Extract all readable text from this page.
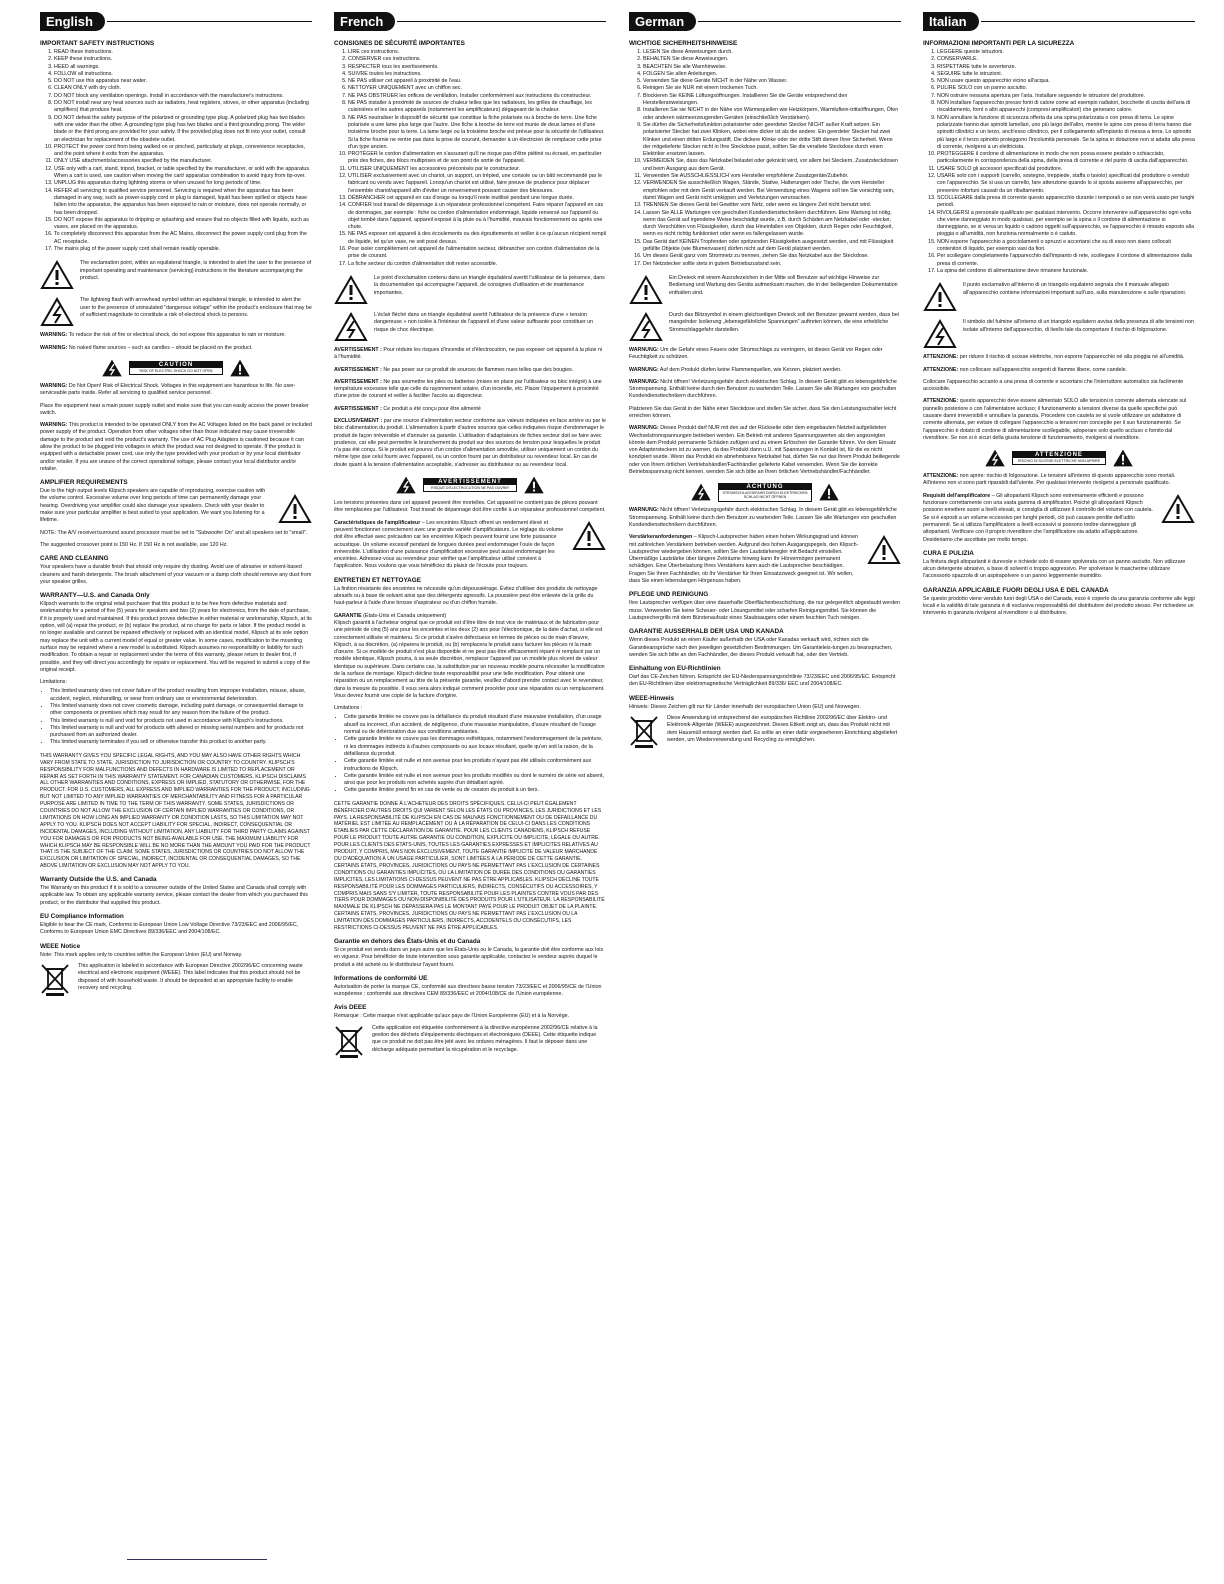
English
IMPORTANT SAFETY INSTRUCTIONS
1. READ these instructions.
2. KEEP these instructions.
3. HEED all warnings.
4. FOLLOW all instructions.
5. DO NOT use this apparatus near water.
6. CLEAN ONLY with dry cloth.
7. DO NOT block any ventilation openings. Install in accordance with the manufacturer's instructions.
8. DO NOT install near any heat sources such as radiators, heat registers, stoves, or other apparatus (including amplifiers) that produce heat.
9. DO NOT defeat the safety purpose of the polarized or grounding type plug. A polarized plug has two blades with one wider than the other. A grounding type plug has two blades and a third grounding prong. The wider blade or the third prong are provided for your safety. If the provided plug does not fit into your outlet, consult an electrician for replacement of the obsolete outlet.
10. PROTECT the power cord from being walked on or pinched, particularly at plugs, convenience receptacles, and the point where it exits from the apparatus.
11. ONLY USE attachments/accessories specified by the manufacturer.
12. USE only with a cart, stand, tripod, bracket, or table specified by the manufacturer, or sold with the apparatus. When a cart is used, use caution when moving the cart/ apparatus combination to avoid injury from tip-over.
13. UNPLUG this apparatus during lightning storms or when unused for long periods of time.
14. REFER all servicing to qualified service personnel. Servicing is required when the apparatus has been damaged in any way, such as power-supply cord or plug is damaged, liquid has been spilled or objects have fallen into the apparatus, the apparatus has been exposed to rain or moisture, does not operate normally, or has been dropped.
15. DO NOT expose this apparatus to dripping or splashing and ensure that no objects filled with liquids, such as vases, are placed on the apparatus.
16. To completely disconnect this apparatus from the AC Mains, disconnect the power supply cord plug from the AC receptacle.
17. The mains plug of the power supply cord shall remain readily operable.
The exclamation point, within an equilateral triangle, is intended to alert the user to the presence of important operating and maintenance (servicing) instructions in the literature accompanying the product.
The lightning flash with arrowhead symbol within an equilateral triangle, is intended to alert the user to the presence of uninsulated "dangerous voltage" within the product's enclosure that may be of sufficient magnitude to constitute a risk of electrical shock to persons.

WARNING: To reduce the risk of fire or electrical shock, do not expose this apparatus to rain or moisture.

WARNING: No naked flame sources – such as candles – should be placed on the product.

CAUTION
RISK OF ELECTRIC SHOCK DO NOT OPEN

WARNING: Do Not Open! Risk of Electrical Shock. Voltages in this equipment are hazardous to life. No user-serviceable parts inside. Refer all servicing to qualified service personnel.

Place the equipment near a main power supply outlet and make sure that you can easily access the power breaker switch.

WARNING: This product is intended to be operated ONLY from the AC Voltages listed on the back panel or included power supply of the product. Operation from other voltages other than those indicated may cause irreversible damage to the product and void the product's warranty. The use of AC Plug Adapters is cautioned because it can allow the product to be plugged into voltages in which the product was not designed to operate. If the product is equipped with a detachable power cord, use only the type provided with your product or by your local distributor and/or retailer. If you are unsure of the correct operational voltage, please contact your local distributor and/or retailer.

AMPLIFIER REQUIREMENTS

Due to the high output levels Klipsch speakers are capable of reproducing, exercise caution with the volume control. Excessive volume over long periods of time can permanently damage your hearing. Overdriving your amplifier could also damage your speakers. Check with your dealer to make sure your particular amplifier is best suited to your application. We want you listening for a lifetime.

NOTE: The A/V receiver/surround sound processor must be set to "Subwoofer On" and all speakers set to "small".

The suggested crossover point is 150 Hz. If 150 Hz is not available, use 120 Hz.

CARE AND CLEANING

Your speakers have a durable finish that should only require dry dusting. Avoid use of abrasive or solvent-based cleaners and harsh detergents. The brush attachment of your vacuum or a damp cloth should remove any dust from your speaker grilles.

WARRANTY—U.S. and Canada Only

Klipsch warrants to the original retail purchaser that this product is to be free from defective materials and workmanship for a period of five (5) years for speakers and two (2) years for electronics, from the date of purchase, if it is properly used and maintained. If this product proves defective in either material or workmanship, Klipsch, at its option, will (a) repair the product, or (b) replace the product, at no charge for parts or labor. If the product model is no longer available and cannot be repaired effectively or replaced with an identical model, Klipsch at its sole option may replace the unit with a current model of equal or greater value. In some cases, modification to the mounting surface may be required where a new model is substituted. Klipsch assumes no responsibility or liability for such modification. To obtain a repair or replacement under the terms of this warranty, please return to dealer first, if possible, and they will direct you accordingly for repairs or replacement. You will be required to submit a copy of the original receipt.

Limitations:

• This limited warranty does not cover failure of the product resulting from improper installation, misuse, abuse, accident, neglect, mishandling, or wear from ordinary use or environmental deterioration.
• This limited warranty does not cover cosmetic damage, including paint damage, or consequential damage to other components or premises which may result for any reason from the failure of the product.
• This limited warranty is null and void for products not used in accordance with Klipsch's instructions.
• This limited warranty is null and void for products with altered or missing serial numbers and for products not purchased from an authorized dealer.
• This limited warranty terminates if you sell or otherwise transfer this product to another party.

THIS WARRANTY GIVES YOU SPECIFIC LEGAL RIGHTS, AND YOU MAY ALSO HAVE OTHER RIGHTS WHICH VARY FROM STATE TO STATE, JURISDICTION TO JURISDICTION OR COUNTRY TO COUNTRY. KLIPSCH'S RESPONSIBILITY FOR MALFUNCTIONS AND DEFECTS IN HARDWARE IS LIMITED TO REPLACEMENT OR REPAIR AS SET FORTH IN THIS WARRANTY STATEMENT. FOR CANADIAN CUSTOMERS, KLIPSCH DISCLAIMS ALL OTHER WARRANTIES AND CONDITIONS, EXPRESS OR IMPLIED, STATUTORY OR OTHERWISE, FOR THE PRODUCT. FOR U.S. CUSTOMERS, ALL EXPRESS AND IMPLIED WARRANTIES FOR THE PRODUCT, INCLUDING BUT NOT LIMITED TO ANY IMPLIED WARRANTIES OF MERCHANTABILITY AND FITNESS FOR A PARTICULAR PURPOSE ARE LIMITED IN TIME TO THE TERM OF THIS WARRANTY. SOME STATES, JURISDICTIONS OR COUNTRIES DO NOT ALLOW THE EXCLUSION OF CERTAIN IMPLIED WARRANTIES OR CONDITIONS, OR LIMITATIONS ON HOW LONG AN IMPLIED WARRANTY OR CONDITION LASTS, SO THIS LIMITATION MAY NOT APPLY TO YOU. KLIPSCH DOES NOT ACCEPT LIABILITY FOR SPECIAL, INDIRECT, CONSEQUENTIAL OR INCIDENTAL DAMAGES, INCLUDING WITHOUT LIMITATION, ANY LIABILITY FOR THIRD PARTY CLAIMS AGAINST YOU FOR DAMAGES OR FOR PRODUCTS NOT BEING AVAILABLE FOR USE. THE MAXIMUM LIABILITY FOR WHICH KLIPSCH MAY BE RESPONSIBLE WILL BE NO MORE THAN THE AMOUNT YOU PAID FOR THE PRODUCT THAT IS THE SUBJECT OF THE CLAIM. SOME STATES, JURISDICTIONS OR COUNTRIES DO NOT ALLOW THE EXCLUSION OR LIMITATION OF SPECIAL, INDIRECT, INCIDENTAL OR CONSEQUENTIAL DAMAGES, SO THE ABOVE LIMITATION OR EXCLUSION MAY NOT APPLY TO YOU.

Warranty Outside the U.S. and Canada

The Warranty on this product if it is sold to a consumer outside of the United States and Canada shall comply with applicable law. To obtain any applicable warranty service, please contact the dealer from which you purchased this product, or the distributor that supplied this product.

EU Compliance Information

Eligible to bear the CE mark, Conforms to European Union Low Voltage Directive 73/23/EEC and 2006/95/EC, Conforms to European Union EMC Directives 89/336/EEC and 2004/108/EC.

WEEE Notice

Note: This mark applies only to countries within the European Union (EU) and Norway.

This application is labeled in accordance with European Directive 2002/96/EC concerning waste electrical and electronic equipment (WEEE). This label indicates that this product should not be disposed of with household waste. It should be deposited at an appropriate facility to enable recovery and recycling.
French
CONSIGNES DE SÉCURITÉ IMPORTANTES
1. LIRE ces instructions.
2. CONSERVER ces instructions.
3. RESPECTER tous les avertissements.
4. SUIVRE toutes les instructions.
5. NE PAS utiliser cet appareil à proximité de l'eau.
6. NETTOYER UNIQUEMENT avec un chiffon sec.
7. NE PAS OBSTRUER les orifices de ventilation. Installer conformément aux instructions du constructeur.
8. NE PAS installer à proximité de sources de chaleur telles que les radiateurs, les grilles de chauffage, les cuisinières et les autres appareils (notamment les amplificateurs) dégageant de la chaleur.
9. NE PAS neutraliser le dispositif de sécurité que constitue la fiche polarisée ou à broche de terre. Une fiche polarisée a une lame plus large que l'autre. Une fiche à broche de terre est munie de deux lames et d'une troisième broche pour la terre. La lame large ou la troisième broche est prévue pour la sécurité de l'utilisateur. Si la fiche fournie ne rentre pas dans la prise de courant, demander à un électricien de remplacer cette prise d'un type ancien.
10. PROTÉGER le cordon d'alimentation en s'assurant qu'il ne risque pas d'être piétiné ou écrasé, en particulier près des fiches, des blocs multiprises et de son point de sortie de l'appareil.
11. UTILISER UNIQUEMENT les accessoires préconisés par le constructeur.
12. UTILISER exclusivement avec un chariot, un support, un trépied, une console ou un bâti recommandé par le fabricant ou vendu avec l'appareil. Lorsqu'un chariot est utilisé, faire preuve de prudence pour déplacer l'ensemble chariot/appareil afin d'éviter un renversement pouvant causer des blessures.
13. DÉBRANCHER cet appareil en cas d'orage ou lorsqu'il reste inutilisé pendant une longue durée.
14. CONFIER tout travail de dépannage à un réparateur professionnel compétent. Faire réparer l'appareil en cas de dommages, par exemple : fiche ou cordon d'alimentation endommagé, liquide renversé sur l'appareil ou objet tombé dans l'appareil, appareil exposé à la pluie ou à l'humidité, mauvais fonctionnement ou après une chute.
15. NE PAS exposer cet appareil à des écoulements ou des égouttements et veiller à ce qu'aucun récipient rempli de liquide, tel qu'un vase, ne soit posé dessus.
16. Pour isoler complètement cet appareil de l'alimentation secteur, débrancher son cordon d'alimentation de la prise de courant.
17. La fiche secteur du cordon d'alimentation doit rester accessible.
Le point d'exclamation contenu dans un triangle équilatéral avertit l'utilisateur de la présence, dans la documentation qui accompagne l'appareil, de consignes d'utilisation et de maintenance importantes.
L'éclair fléché dans un triangle équilatéral avertit l'utilisateur de la présence d'une « tension dangereuse » non isolée à l'intérieur de l'appareil et d'une valeur suffisante pour constituer un risque de choc électrique.

AVERTISSEMENT : Pour réduire les risques d'incendie et d'électrocution, ne pas exposer cet appareil à la pluie ni à l'humidité.

AVERTISSEMENT : Ne pas poser sur ce produit de sources de flammes nues telles que des bougies.

AVERTISSEMENT : Ne pas soumettre les piles ou batteries (mises en place par l'utilisateur ou bloc intégré) à une température excessive telle que celle du rayonnement solaire, d'un incendie, etc. Placer l'équipement à proximité d'une prise de courant et veiller à faciliter l'accès au disjoncteur.

AVERTISSEMENT : Ce produit a été conçu pour être alimenté

EXCLUSIVEMENT : par une source d'alimentation secteur conforme aux valeurs indiquées en face arrière ou par le bloc d'alimentation du produit. L'alimentation à partir d'autres sources que celles indiquées risque d'endommager le produit de façon irréversible et d'annuler sa garantie. L'utilisation d'adaptateurs de fiches secteur doit se faire avec prudence, car elle peut permettre le branchement du produit sur des sources de tension pour lesquelles le produit n'a pas été conçu. Si le produit est pourvu d'un cordon d'alimentation amovible, utiliser uniquement un cordon du même type que celui fourni avec l'appareil, ou un cordon fourni par un distributeur ou revendeur local. En cas de doute quant à la tension d'alimentation acceptable, s'adresser au distributeur ou au revendeur local.

AVERTISSEMENT
RISQUE D'ÉLECTROCUTION NE PAS OUVRIR

Les tensions présentes dans cet appareil peuvent être mortelles. Cet appareil ne contient pas de pièces pouvant être remplacées par l'utilisateur. Tout travail de dépannage doit être confié à un réparateur professionnel compétent.

Caractéristiques de l'amplificateur – Les enceintes Klipsch offrent un rendement élevé et peuvent fonctionner correctement avec une grande variété d'amplificateurs. Le réglage du volume doit être effectué avec précaution car les enceintes Klipsch peuvent fournir une forte puissance acoustique. Un volume excessif pendant de longues durées peut endommager l'ouïe de façon irréversible. L'utilisation d'une puissance d'amplification excessive peut aussi endommager les enceintes. Adressez-vous au revendeur pour vérifier que l'amplificateur utilisé convient à l'application. Nous voulons que vous bénéficiez du plaisir de l'écoute pour toujours.

ENTRETIEN ET NETTOYAGE

La finition résistante des enceintes ne nécessite qu'un dépoussiérage. Évitez d'utiliser des produits de nettoyage abrasifs ou à base de solvant ainsi que des détergents agressifs. La poussière peut être enlevée de la grille du haut-parleur à l'aide d'une brosse d'aspirateur ou d'un chiffon humide.

GARANTIE (États-Unis et Canada uniquement)
Klipsch garantit à l'acheteur original que ce produit est d'être libre de tout vice de matériaux et de fabrication pour une période de cinq (5) ans pour les enceintes et les deux (2) ans pour l'électronique, de la date d'achat, si elle est correctement utilisée et maintenu. Si ce produit s'avère défectueux en termes de pièces ou de main d'œuvre, Klipsch, à sa discrétion, (a) réparera le produit, ou (b) remplacera le produit sans facturer les pièces ni la main d'œuvre. Si ce modèle de produit n'est plus disponible et ne peut pas être efficacement réparé ni remplacé par un modèle identique, Klipsch pourra, à sa seule discrétion, remplacer l'appareil par un modèle plus récent de valeur identique ou supérieure. Dans certains cas, la substitution par un nouveau modèle pourra nécessiter la modification de la surface de montage. Klipsch décline toute responsabilité pour une telle modification. Pour obtenir une réparation ou un remplacement au titre de la présente garantie, veuillez d'abord prendre contact avec le revendeur, dans la mesure du possible. Il vous sera alors indiqué comment procéder pour une réparation ou un remplacement. Vous devrez fournir une copie de la facture d'origine.

Limitations :

• Cette garantie limitée ne couvre pas la défaillance du produit résultant d'une mauvaise installation, d'un usage abusif ou incorrect, d'un accident, de négligence, d'une mauvaise manipulation, d'usure résultant de l'usage normal ou de détérioration due aux conditions ambiantes.
• Cette garantie limitée ne couvre pas les dommages esthétiques, notamment l'endommagement de la peinture, ni les dommages indirects à d'autres composants ou aux locaux résultant, quelle qu'en soit la raison, de la défaillance du produit.
• Cette garantie limitée est nulle et non avenue pour les produits n'ayant pas été utilisés conformément aux instructions de Klipsch.
• Cette garantie limitée est nulle et non avenue pour les produits modifiés ou dont le numéro de série est absent, ainsi que pour les produits non achetés auprès d'un détaillant agréé.
• Cette garantie limitée prend fin en cas de vente ou de cession du produit à un tiers.

CETTE GARANTIE DONNE À L'ACHETEUR DES DROITS SPÉCIFIQUES. CELUI-CI PEUT ÉGALEMENT BÉNÉFICIER D'AUTRES DROITS QUI VARIENT SELON LES ÉTATS OU PROVINCES, LES JURIDICTIONS ET LES PAYS. LA RESPONSABILITÉ DE KLIPSCH EN CAS DE MAUVAIS FONCTIONNEMENT OU DE DÉFAILLANCE DU MATÉRIEL EST LIMITÉE AU REMPLACEMENT OU À LA RÉPARATION DE CELUI-CI DANS LES CONDITIONS ÉTABLIES PAR CETTE DÉCLARATION DE GARANTIE. POUR LES CLIENTS CANADIENS, KLIPSCH REFUSE POUR LE PRODUIT TOUTE AUTRE GARANTIE OU CONDITION, EXPLICITE OU IMPLICITE, LÉGALE OU AUTRE. POUR LES CLIENTS DES ÉTATS-UNIS, TOUTES LES GARANTIES EXPRESSES ET IMPLICITES RELATIVES AU PRODUIT, Y COMPRIS, MAIS NON EXCLUSIVEMENT, TOUTE GARANTIE IMPLICITE DE VALEUR MARCHANDE OU D'ADÉQUATION À UN USAGE PARTICULIER, SONT LIMITÉES À LA PÉRIODE DE CETTE GARANTIE. CERTAINS ÉTATS, PROVINCES, JURIDICTIONS OU PAYS NE PERMETTANT PAS L'EXCLUSION DE CERTAINES CONDITIONS OU GARANTIES IMPLICITES, OU LA LIMITATION DE DURÉE DES CONDITIONS OU GARANTIES IMPLICITES, LES LIMITATIONS CI-DESSUS PEUVENT NE PAS ÊTRE APPLICABLES. KLIPSCH DÉCLINE TOUTE RESPONSABILITÉ POUR LES DOMMAGES PARTICULIERS, INDIRECTS, CONSÉCUTIFS OU ACCESSOIRES, Y COMPRIS MAIS SANS S'Y LIMITER, TOUTE RESPONSABILITÉ POUR LES PLAINTES CONTRE VOUS PAR DES TIERS POUR DOMMAGES OU NON-DISPONIBILITÉ DES PRODUITS POUR L'UTILISATEUR. LA RESPONSABILITÉ MAXIMALE DE KLIPSCH NE DÉPASSERA PAS LE MONTANT PAYÉ POUR LE PRODUIT OBJET DE LA PLAINTE. CERTAINS ÉTATS, PROVINCES, JURIDICTIONS OU PAYS NE PERMETTANT PAS L'EXCLUSION OU LA LIMITATION DES DOMMAGES PARTICULIERS, INDIRECTS, ACCIDENTELS OU CONSÉCUTIFS, LES RESTRICTIONS CI-DESSUS PEUVENT NE PAS ÊTRE APPLICABLES.

Garantie en dehors des États-Unis et du Canada

Si ce produit est vendu dans un pays autre que les États-Unis ou le Canada, la garantie doit être conforme aux lois en vigueur. Pour bénéficier de toute intervention sous garantie applicable, contactez le vendeur auprès duquel le produit a été acheté ou le distributeur l'ayant fourni.

Informations de conformité UE

Autorisation de porter la marque CE, conformité aux directives basse tension 73/23/EEC et 2006/95/CE de l'Union européenne ; conformité aux directives CEM 89/336/EEC et 2004/108/CE de l'Union européenne.

Avis DEEE

Remarque : Cette marque n'est applicable qu'aux pays de l'Union Européenne (EU) et à la Norvège.

Cette application est étiquetée conformément à la directive européenne 2002/96/CE relative à la gestion des déchets d'équipements électriques et électroniques (DEEE). Cette étiquette indique que ce produit ne doit pas être jeté avec les ordures ménagères. Il faut le déposer dans une décharge adéquate permettant la récupération et le recyclage.
German
WICHTIGE SICHERHEITSHINWEISE
1. LESEN Sie diese Anweisungen durch.
2. BEHALTEN Sie diese Anweisungen.
3. BEACHTEN Sie alle Warnhinweise.
4. FOLGEN Sie allen Anleitungen.
5. Verwenden Sie diese Geräte NICHT in der Nähe von Wasser.
6. Reinigen Sie sie NUR mit einem trockenen Tuch.
7. Blockieren Sie KEINE Lüftungsöffnungen. Installieren Sie die Geräte entsprechend den Herstelleranweisungen.
8. Installieren Sie sie NICHT in der Nähe von Wärmequellen wie Heizkörpern, Warmluftein-trittsöffnungen, Öfen oder anderen wärmeerzeugenden Geräten (einschließlich Verstärkern).
9. Sie dürfen die Sicherheitsfunktion polarisierter oder geerdeter Stecker NICHT außer Kraft setzen. Ein polarisierter Stecker hat zwei Klinken, wobei eine dicker ist als die andere. Ein geerdeter Stecker hat zwei Klinken und einen dritten Erdungsstift. Die dickere Klinke oder der dritte Stift dienen Ihrer Sicherheit. Wenn der mitgelieferte Stecker nicht in Ihre Steckdose passt, sollten Sie die veraltete Steckdose durch einen Elektriker ersetzen lassen.
10. VERMEIDEN Sie, dass das Netzkabel belastet oder geknickt wird, vor allem bei Steckern, Zusatzsteckdosen und beim Ausgang aus dem Gerät.
11. Verwenden Sie AUSSCHLIESSLICH vom Hersteller empfohlene Zusatzgeräte/Zubehör.
12. VERWENDEN Sie ausschließlich Wagen, Stände, Stative, Halterungen oder Tische, die vom Hersteller empfohlen oder mit dem Gerät verkauft werden. Bei Verwendung eines Wagens soll ten Sie vorsichtig sein, damit Wagen und Gerät nicht umkippen und Verletzungen verursachen.
13. TRENNEN Sie dieses Gerät bei Gewitter vom Netz, oder wenn es längere Zeit nicht benutzt wird.
14. Lassen Sie ALLE Wartungen von geschulten Kundendiensttechnikern durchführen. Eine Wartung ist nötig, wenn das Gerät auf irgendeine Weise beschädigt wurde, z.B. durch Schäden am Netzkabel oder -stecker, durch Verschütten von Flüssigkeiten, durch das Hineinfallen von Objekten, durch Regen oder Feuchtigkeit, wenn es nicht richtig funktioniert oder wenn es fallengelassen wurde.
15. Das Gerät darf KEINEN Tropfenden oder spritzenden Flüssigkeiten ausgesetzt werden, und mit Flüssigkeit gefüllte Objekte (wie Blumenvasen) dürfen nicht auf dem Gerät platziert werden.
16. Um dieses Gerät ganz vom Stromnetz zu trennen, ziehen Sie das Netzkabel aus der Steckdose.
17. Der Netzstecker sollte stets in gutem Betriebszustand sein.
Ein Dreieck mit einem Ausrufezeichen in der Mitte soll Benutzer auf wichtige Hinweise zur Bedienung und Wartung des Geräts aufmerksam machen, die in der beiliegenden Dokumentation enthalten sind.
Durch das Blitzsymbol in einem gleichseitigen Dreieck soll der Benutzer gewarnt werden, dass bei mangelnder Isolierung „lebensgefährliche Spannungen" auftreten können, die eine erhebliche Stromschlaggefahr darstellen.

WARNUNG: Um die Gefahr eines Feuers oder Stromschlags zu verringern, ist dieses Gerät vor Regen oder Feuchtigkeit zu schützen.

WARNUNG: Auf dem Produkt dürfen keine Flammenquellen, wie Kerzen, platziert werden.

WARNUNG: Nicht öffnen! Verletzungsgefahr durch elektrischen Schlag. In diesem Gerät gibt es lebensgefährliche Stromspannung. Enthält keine durch den Benutzer zu wartenden Teile. Lassen Sie alle Wartungen von geschulten Kundendiensttechnikern durchführen.

Platzieren Sie das Gerät in der Nähe einer Steckdose und stellen Sie sicher, dass Sie den Leistungsschalter leicht erreichen können.

WARNUNG: Dieses Produkt darf NUR mit den auf der Rückseite oder dem eingebauten Netzteil aufgelisteten Wechselstromspannungen betrieben werden. Ein Betrieb mit anderen Spannungswerten als den angezeigten könnte dem Produkt permanente Schäden zufügen und zu einem Erlöschen der Garantie führen. Vor dem Einsatz von Adaptersteckern ist zu warnen, da das Produkt dann u.U. mit Spannungen in Kontakt ist, für die es nicht konzipiert wurde. Wenn das Produkt ein abnehmbares Netzkabel hat, dürfen Sie nur das Ihrem Produkt beiliegende oder von Ihrem örtlichen Vertriebshändler/Fachhändler gelieferte Kabel verwenden. Wenn Sie die korrekte Betriebsspannung nicht kennen, wenden Sie sich bitte an Ihren örtlichen Vertriebshändler/Fachhändler.

ACHTUNG
STROMSCHLAGGEFAHR DURCH ELEKTRISCHEN SCHLAG NICHT ÖFFNEN

WARNUNG: Nicht öffnen! Verletzungsgefahr durch elektrischen Schlag. In diesem Gerät gibt es lebensgefährliche Stromspannung. Enthält keine durch den Benutzer zu wartenden Teile. Lassen Sie alle Wartungen von geschulten Kundendiensttechnikern durchführen.

Verstärkeranforderungen – Klipsch-Lautsprecher haben einen hohen Wirkungsgrad und können mit zahlreichen Verstärkern betrieben werden. Aufgrund des hohen Ausgangspegels, den Klipsch-Lautsprecher wiedergeben können, sollten Sie den Lautstärkeregler mit Bedacht einstellen. Übermäßige Lautstärke über längere Zeiträume hinweg kann Ihr Hörvermögen permanent schädigen. Eine Überbelastung Ihres Verstärkers kann auch die Lautsprecher beschädigen. Fragen Sie Ihren Fachhändler, ob Ihr Verstärker für Ihren Einsatzzweck geeignet ist. Wir wollen, dass Sie einen lebenslangen Hörgenuss haben.

PFLEGE UND REINIGUNG

Ihre Lautsprecher verfügen über eine dauerhafte Oberflächenbeschichtung, die nur gelegentlich abgestaubt werden muss. Verwenden Sie keine Scheuer- oder Lösungsmittel oder scharfen Reinigungsmittel. Sie können die Lautsprechergrills mit dem Bürstenaufsatz eines Staubsaugers oder einem feuchten Tuch reinigen.

GARANTIE AUSSERHALB DER USA UND KANADA

Wenn dieses Produkt an einen Käufer außerhalb der USA oder Kanadas verkauft wird, richten sich die Garantieansprüche nach den jeweiligen gesetzlichen Bestimmungen. Um Garantieleis-tungen zu beanspruchen, wenden Sie sich bitte an den Fachhändler, der dieses Produkt verkauft hat, oder den Vertrieb.

Einhaltung von EU-Richtlinien

Darf das CE-Zeichen führen. Entspricht der EU-Niederspannungsrichtlinie 73/23/EEC und 2006/95/EC. Entspricht den EU-Richtlinien über elektromagnetische Verträglichkeit 89/336/ EEC und 2004/108/EC.

WEEE-Hinweis

Hinweis: Dieses Zeichen gilt nur für Länder innerhalb der europäischen Union (EU) und Norwegen.

Diese Anwendung ist entsprechend der europäischen Richtlinie 2002/96/EC über Elektro- und Elektronik-Altgeräte (WEEE) ausgezeichnet. Dieses Etikett zeigt an, dass das Produkt nicht mit dem Hausmüll entsorgt werden darf. Es sollte an einer dafür vorgesehenen Einrichtung abgeliefert werden, um Wiederverwendung und Recycling zu ermöglichen.
Italian
INFORMAZIONI IMPORTANTI PER LA SICUREZZA
1. LEGGERE queste istruzioni.
2. CONSERVARLE.
3. RISPETTARE tutte le avvertenze.
4. SEGUIRE tutte le istruzioni.
5. NON usare questo apparecchio vicino all'acqua.
6. PULIRE SOLO con un panno asciutto.
7. NON ostruire nessuna apertura per l'aria. Installare seguendo le istruzioni del produttore.
8. NON installare l'apparecchio presso fonti di calore come ad esempio radiatori, bocchette di uscita dell'aria di riscaldamento, forni o altri apparecchi (compresi amplificatori) che generano calore.
9. NON annullare la funzione di sicurezza offerta da una spina polarizzata o con presa di terra. Le spine polarizzate hanno due spinotti lamellari, uno più largo dell'altro, mentre le spine con presa di terra hanno due spinotti cilindrici e un terzo, anch'esso cilindrico, per il collegamento all'impianto di messa a terra. Lo spinotto più largo e il terzo spinotto proteggono l'incolumità personale. Se la spina in dotazione non si adatta alla presa di corrente, rivolgersi a un elettricista.
10. PROTEGGERE il cordone di alimentazione in modo che non possa essere pestato o schiacciato, particolarmente in corrispondenza della spina, della presa di corrente e del punto di uscita dall'apparecchio.
11. USARE SOLO gli accessori specificati dal produttore.
12. USARE solo con i supporti (carrello, sostegno, treppiede, staffa o tavolo) specificati dal produttore o venduti con l'apparecchio. Se si usa un carrello, fare attenzione quando lo si sposta assieme all'apparecchio, per prevenire infortuni causati da un ribaltamento.
13. SCOLLEGARE dalla presa di corrente questo apparecchio durante i temporali o se non verrà usato per lunghi periodi.
14. RIVOLGERSI a personale qualificato per qualsiasi intervento. Occorre intervenire sull'apparecchio ogni volta che viene danneggiato in modo qualsiasi, per esempio se la spina o il cordone di alimentazione si danneggiano, se si versa un liquido o cadono oggetti sull'apparecchio, se l'apparecchio è rimasto esposto alla pioggia o all'umidità, non funziona normalmente o è caduto.
15. NON esporre l'apparecchio a gocciolamenti o spruzzi e accertarsi che su di esso non siano collocati contenitori di liquido, per esempio vasi da fiori.
16. Per scollegare completamente l'apparecchio dall'impianto di rete, scollegare il cordone di alimentazione dalla presa di corrente.
17. La spina del cordone di alimentazione deve rimanere funzionale.
Il punto esclamativo all'interno di un triangolo equilatero segnala che il manuale allegato all'apparecchio contiene informazioni importanti sull'uso, sulla manutenzione e sulle riparazioni.
Il simbolo del fulmine all'interno di un triangolo equilatero avvisa della presenza di alte tensioni non isolate all'interno dell'apparecchio, di livello tale da comportare il rischio di folgorazione.

ATTENZIONE: per ridurre il rischio di scosse elettriche, non esporre l'apparecchio né alla pioggia né all'umidità.

ATTENZIONE: non collocare sull'apparecchio sorgenti di fiamme libere, come candele.

Collocare l'apparecchio accanto a una presa di corrente e accertarsi che l'interruttore automatico sia facilmente accessibile.

ATTENZIONE: questo apparecchio deve essere alimentato SOLO alle tensioni in corrente alternata elencate sul pannello posteriore o con l'alimentatore accluso; il funzionamento a tensioni diverse da quelle specifiche può causare danni irreversibili e annullare la garanzia. Procedere con cautela se si vuole utilizzare un adattatore di corrente alternata, per evitare di collegare l'apparecchio a tensioni non concepite per il suo funzionamento. Se l'apparecchio è dotato di cordone di alimentazione scollegabile, adoperare solo quello accluso o fornito dal rivenditore. Se non si è sicuri della giusta tensione di funzionamento, rivolgersi al rivenditore.

ATTENZIONE
RISCHIO DI SCOSSE ELETTRICHE NON APRIRE

ATTENZIONE: non aprire: rischio di folgorazione. Le tensioni all'interno di questo apparecchio sono mortali. All'interno non vi sono parti riparabili dall'utente. Per qualsiasi intervento rivolgersi a personale qualificato.

Requisiti dell'amplificatore – Gli altoparlanti Klipsch sono estremamente efficienti e possono funzionare correttamente con una vasta gamma di amplificatori. Poiché gli altoparlanti Klipsch possono emettere suoni a livelli elevati, si consiglia di utilizzare il controllo del volume con cautela. Se si è esposti a un volume eccessivo per lunghi periodi, ciò può causare perdite dell'udito permanenti. Se si utilizza l'amplificatore a livelli eccessivi si possono inoltre danneggiare gli altoparlanti. Verificare con il proprio rivenditore che l'amplificatore sia adatto all'applicazione. Desideriamo che ascoltiate per molto tempo.

CURA E PULIZIA

La finitura degli altoparlanti è durevole e richiede solo di essere spolverata con un panno asciutto. Non utilizzare alcun detergente abrasivo, a base di solventi o troppo aggressivo. Per spolverare le mascherine utilizzare l'accessorio spazzola di un aspirapolvere o un panno leggermente inumidito.

GARANZIA APPLICABILE FUORI DEGLI USA E DEL CANADA

Se questo prodotto viene venduto fuori degli USA o del Canada, esso è coperto da una garanzia conforme alle leggi locali e la validità di tale garanzia è di esclusiva responsabilità del distributore del prodotto stesso. Per richiedere un intervento in garanzia rivolgersi al rivenditore o al distributore.
